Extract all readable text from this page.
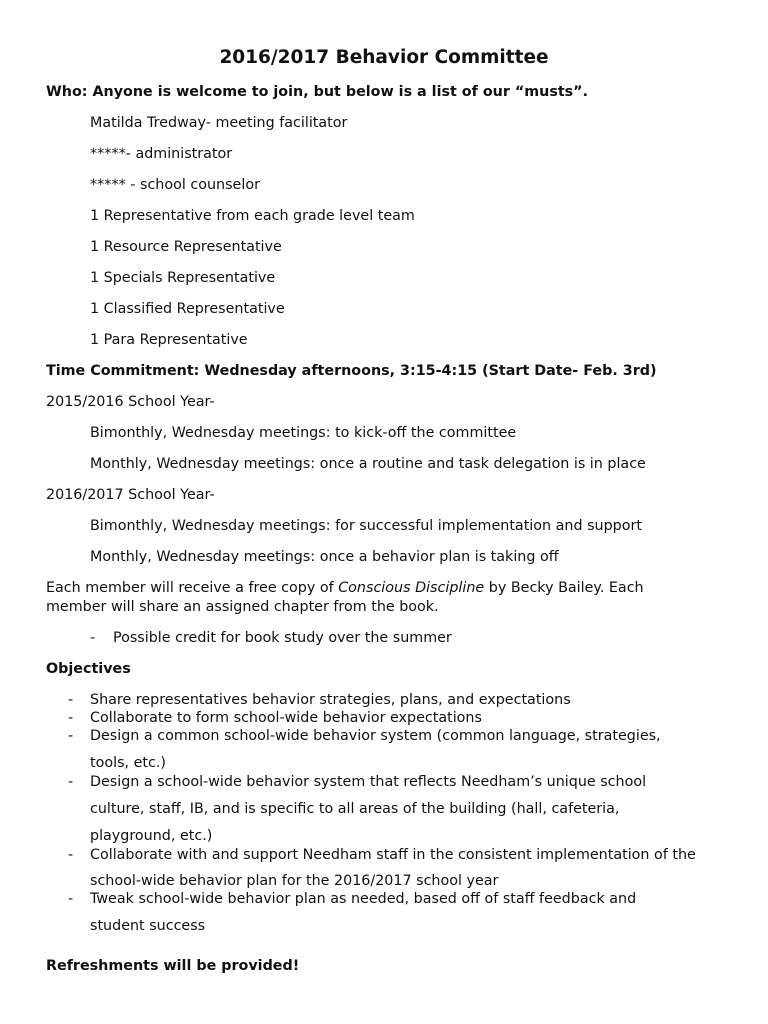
2016/2017 Behavior Committee
Who: Anyone is welcome to join, but below is a list of our “musts”.
Matilda Tredway- meeting facilitator
*****- administrator
***** - school counselor
1 Representative from each grade level team
1 Resource Representative
1 Specials Representative
1 Classified Representative
1 Para Representative
Time Commitment: Wednesday afternoons, 3:15-4:15 (Start Date- Feb. 3rd)
2015/2016 School Year-
Bimonthly, Wednesday meetings: to kick-off the committee
Monthly, Wednesday meetings: once a routine and task delegation is in place
2016/2017 School Year-
Bimonthly, Wednesday meetings: for successful implementation and support
Monthly, Wednesday meetings: once a behavior plan is taking off
Each member will receive a free copy of Conscious Discipline by Becky Bailey. Each
member will share an assigned chapter from the book.
- Possible credit for book study over the summer
Objectives
- Share representatives behavior strategies, plans, and expectations
- Collaborate to form school-wide behavior expectations
- Design a common school-wide behavior system (common language, strategies, tools, etc.)
- Design a school-wide behavior system that reflects Needham’s unique school culture, staff, IB, and is specific to all areas of the building (hall, cafeteria, playground, etc.)
- Collaborate with and support Needham staff in the consistent implementation of the school-wide behavior plan for the 2016/2017 school year
- Tweak school-wide behavior plan as needed, based off of staff feedback and student success
Refreshments will be provided!
